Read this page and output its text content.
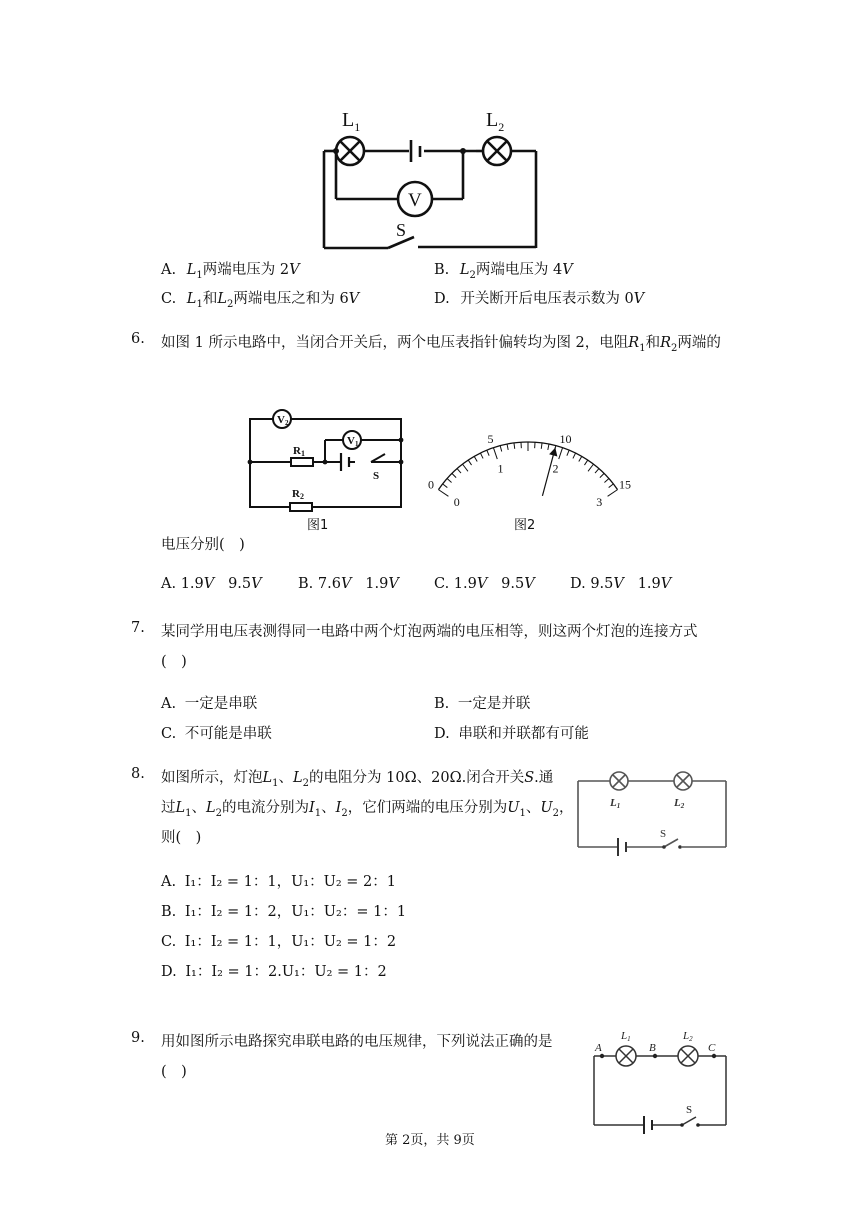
$L_1$	$L_2$
V
S
A. $L_1$两端电压为 2V	B. $L_2$两端电压为 4V
C. $L_1$和$L_2$两端电压之和为 6V	D. 开关断开后电压表示数为 0V
6. 如图 1 所示电路中，当闭合开关后，两个电压表指针偏转均为图 2，电阻$R_1$和$R_2$两端的
V2
V1
R1
R2
S
图1
0
5	10
15
0
1	2
3
图2
电压分别(　)
A. 1.9V 9.5V	B. 7.6V 1.9V C. 1.9V 9.5V D. 9.5V 1.9V
7. 某同学用电压表测得同一电路中两个灯泡两端的电压相等，则这两个灯泡的连接方式
(　)
A. 一定是串联	B. 一定是并联
C. 不可能是串联	D. 串联和并联都有可能
8. 如图所示，灯泡$L_1$、$L_2$的电阻分为 10Ω、20Ω.闭合开关S.通
过$L_1$、$L_2$的电流分别为$I_1$、$I_2$，它们两端的电压分别为$U_1$、$U_2$，
则(　)
L1	L2
S
A. I₁：I₂ = 1：1，U₁：U₂ = 2：1
B. I₁：I₂ = 1：2，U₁：U₂：= 1：1
C. I₁：I₂ = 1：1，U₁：U₂ = 1：2
D. I₁：I₂ = 1：2.U₁：U₂ = 1：2
9. 用如图所示电路探究串联电路的电压规律，下列说法正确的是
(　)
A	B	C
L1	L2
S
第 2页，共 9页
